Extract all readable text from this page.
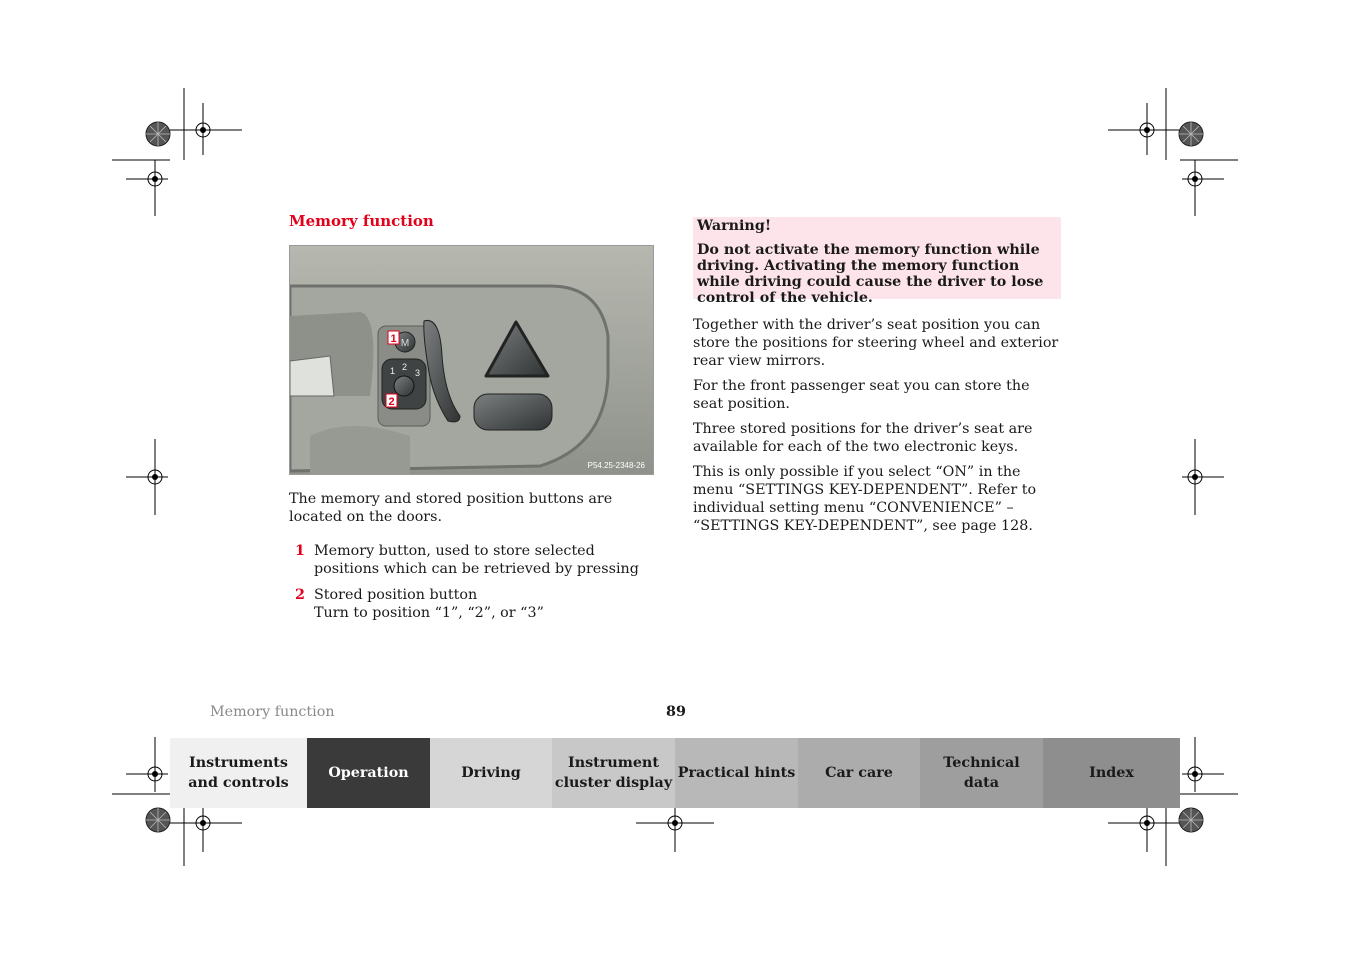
Memory function
M
1 2
3
1
2
P54.25-2348-26
The memory and stored position buttons are located on the doors.
1 Memory button, used to store selected positions which can be retrieved by pressing
2 Stored position button
Turn to position “1”, “2”, or “3”
Warning!
Do not activate the memory function while driving. Activating the memory function while driving could cause the driver to lose control of the vehicle.
Together with the driver’s seat position you can store the positions for steering wheel and exterior rear view mirrors.
For the front passenger seat you can store the seat position.
Three stored positions for the driver’s seat are available for each of the two electronic keys.
This is only possible if you select “ON” in the menu “SETTINGS KEY-DEPENDENT”. Refer to individual setting menu “CONVENIENCE” – “SETTINGS KEY-DEPENDENT”, see page 128.
Memory function	89
Instruments
and controls
Operation	Driving
Instrument
cluster display
Practical hints Car care
Technical
data
Index
